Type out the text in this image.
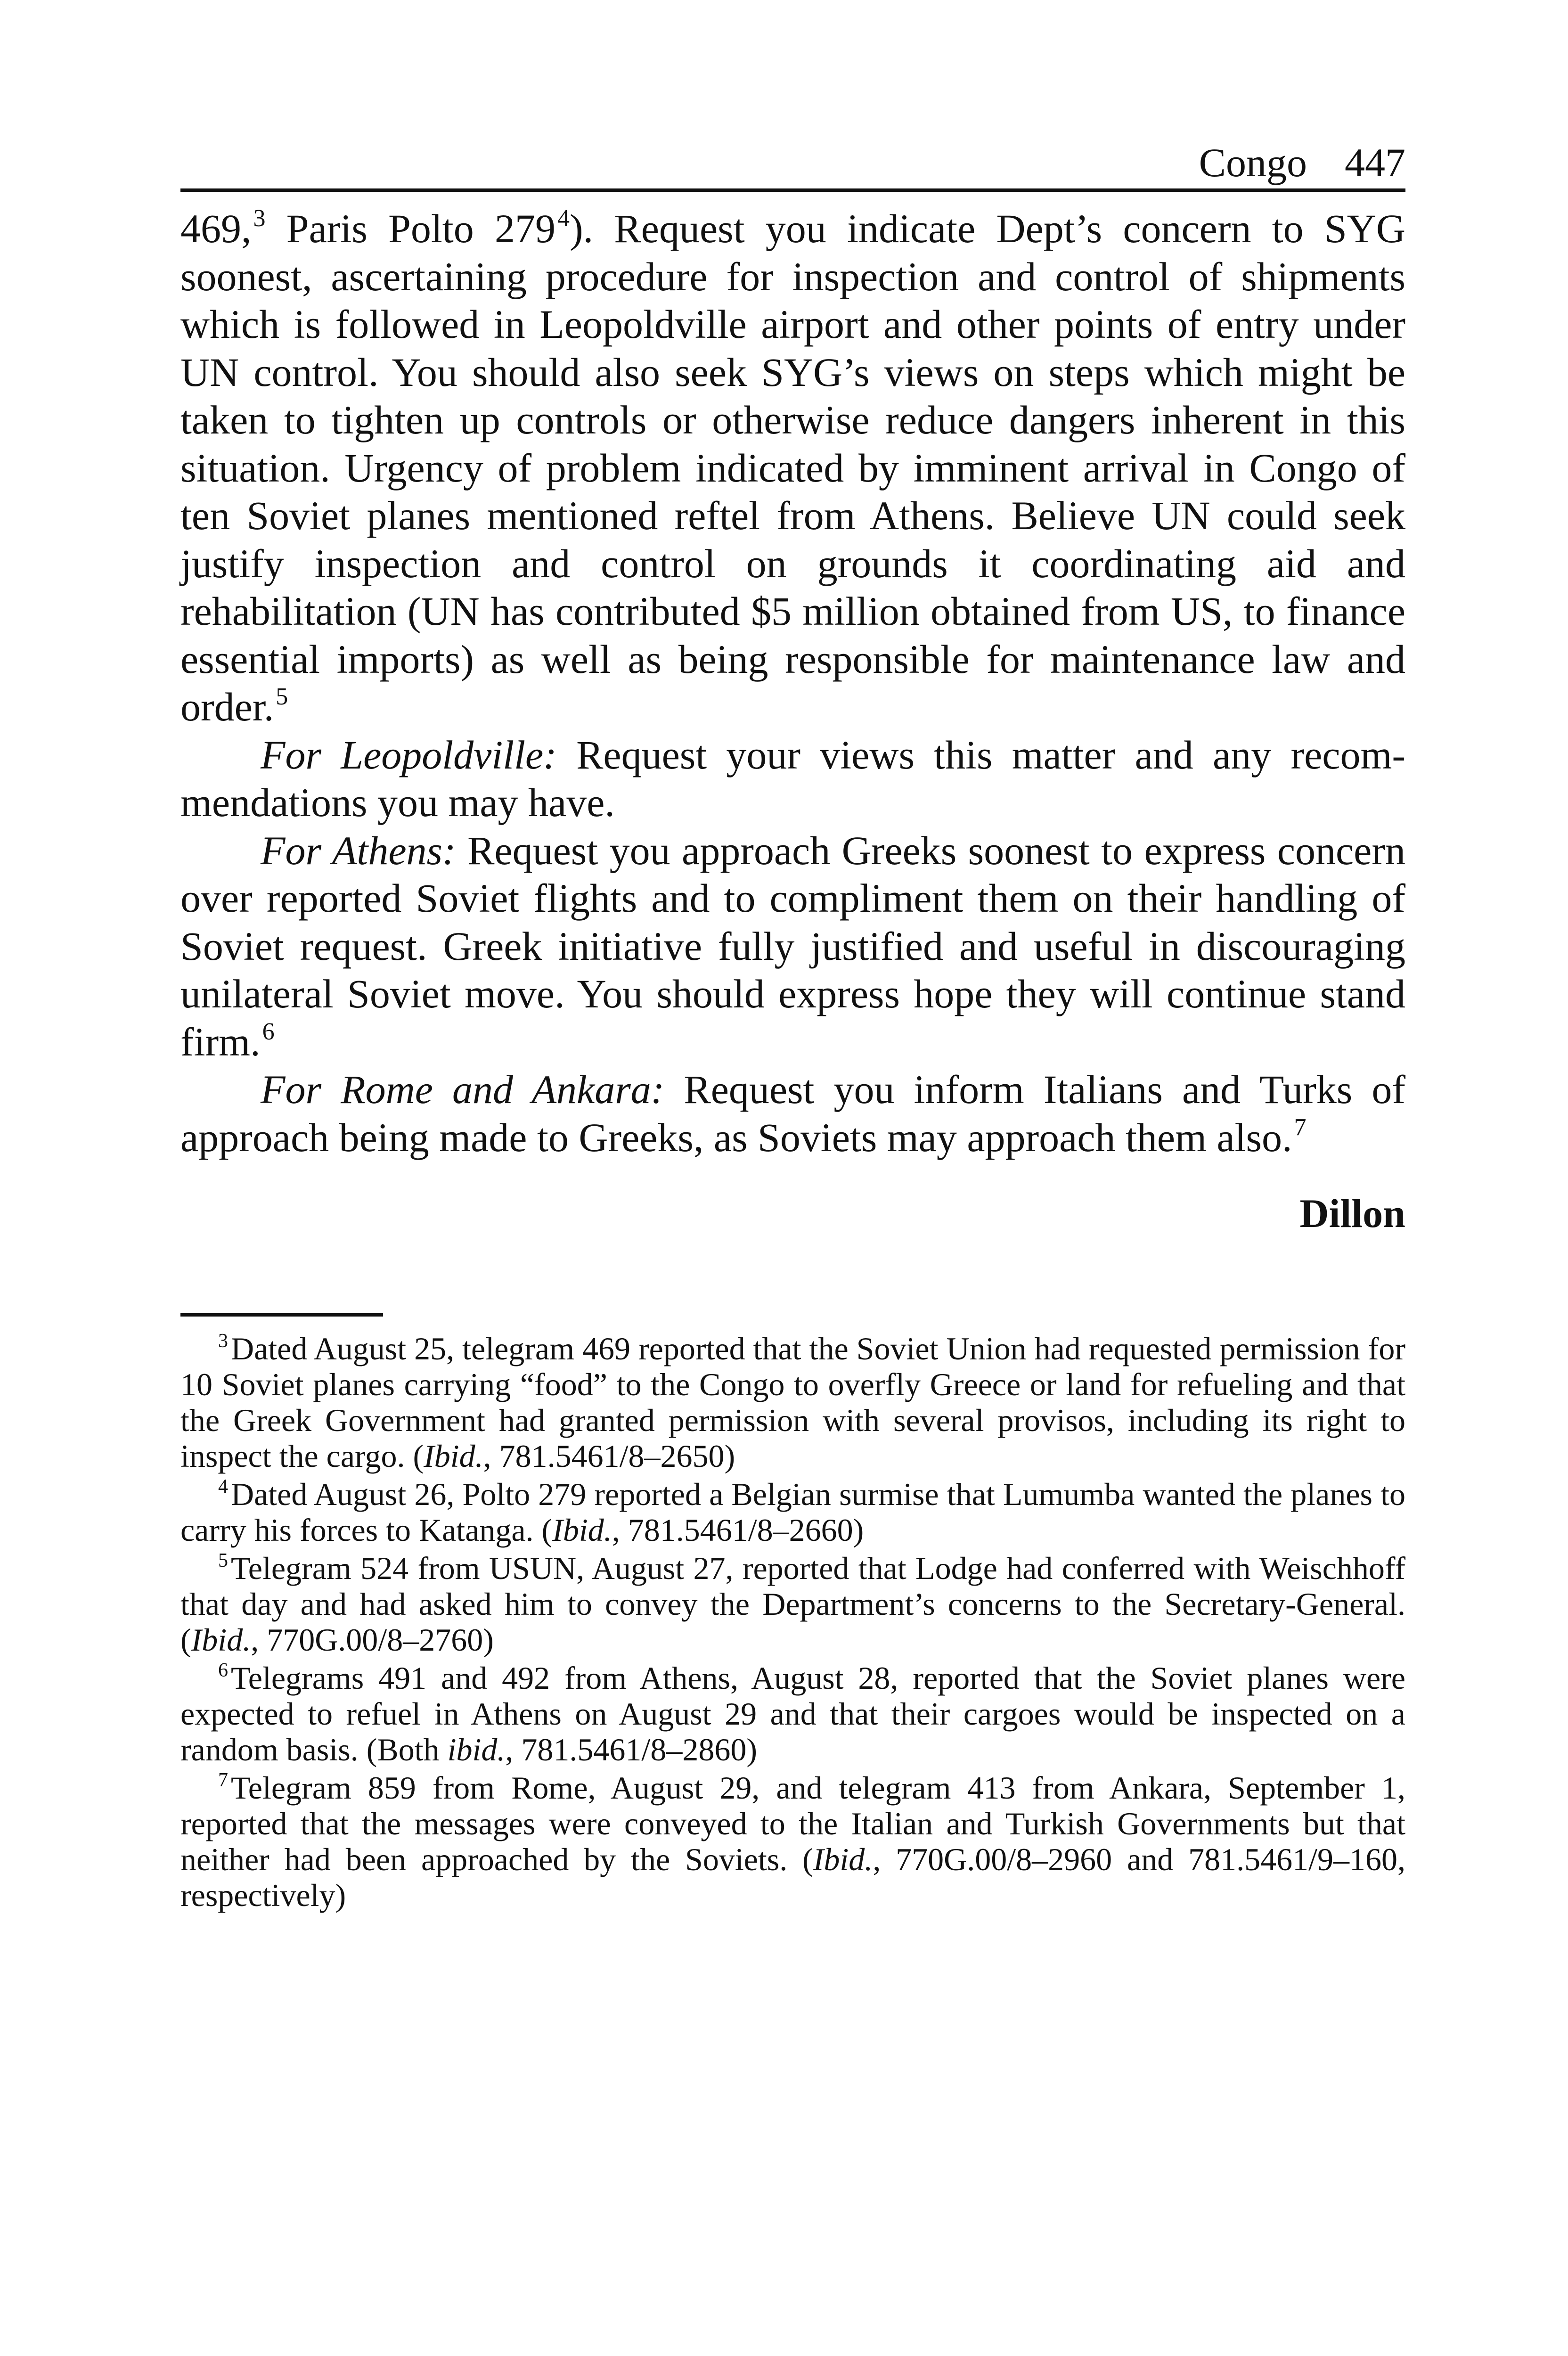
Congo 447

469,$^3$ Paris Polto 279$^4$). Request you indicate Dept’s concern to SYG soonest, ascertaining procedure for inspection and control of shipments which is followed in Leopoldville airport and other points of entry under UN control. You should also seek SYG’s views on steps which might be taken to tighten up controls or otherwise reduce dangers inherent in this situation. Urgency of problem indicated by imminent arrival in Congo of ten Soviet planes mentioned reftel from Athens. Believe UN could seek justify inspection and control on grounds it coordinating aid and rehabilitation (UN has contributed $5 million obtained from US, to finance essential imports) as well as being responsible for maintenance law and order.$^5$

For Leopoldville: Request your views this matter and any recommendations you may have.

For Athens: Request you approach Greeks soonest to express concern over reported Soviet flights and to compliment them on their handling of Soviet request. Greek initiative fully justified and useful in discouraging unilateral Soviet move. You should express hope they will continue stand firm.$^6$

For Rome and Ankara: Request you inform Italians and Turks of approach being made to Greeks, as Soviets may approach them also.$^7$

Dillon

$^3$Dated August 25, telegram 469 reported that the Soviet Union had requested permission for 10 Soviet planes carrying “food” to the Congo to overfly Greece or land for refueling and that the Greek Government had granted permission with several provisos, including its right to inspect the cargo. (Ibid., 781.5461/8–2650)

$^4$Dated August 26, Polto 279 reported a Belgian surmise that Lumumba wanted the planes to carry his forces to Katanga. (Ibid., 781.5461/8–2660)

$^5$Telegram 524 from USUN, August 27, reported that Lodge had conferred with Weischhoff that day and had asked him to convey the Department’s concerns to the Secretary-General. (Ibid., 770G.00/8–2760)

$^6$Telegrams 491 and 492 from Athens, August 28, reported that the Soviet planes were expected to refuel in Athens on August 29 and that their cargoes would be inspected on a random basis. (Both ibid., 781.5461/8–2860)

$^7$Telegram 859 from Rome, August 29, and telegram 413 from Ankara, September 1, reported that the messages were conveyed to the Italian and Turkish Governments but that neither had been approached by the Soviets. (Ibid., 770G.00/8–2960 and 781.5461/9–160, respectively)
